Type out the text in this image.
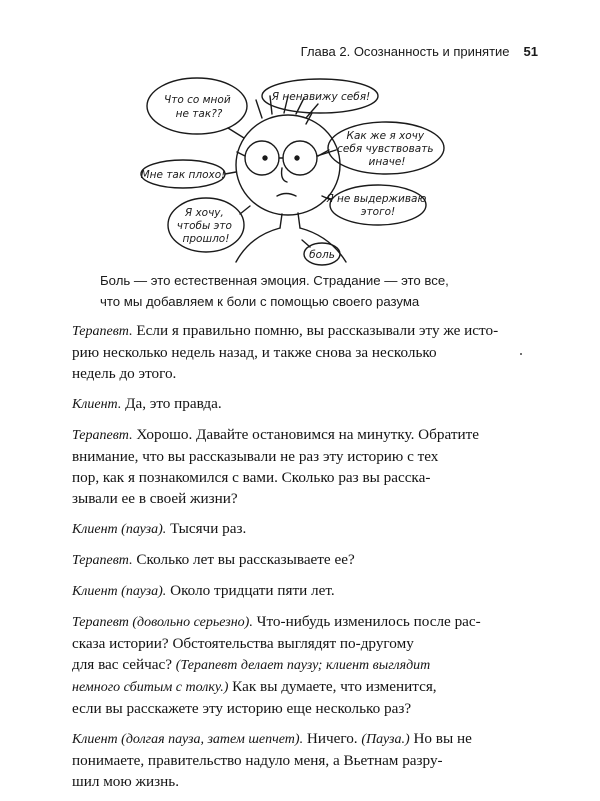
Глава 2. Осознанность и принятие 51
Что со мной не так??
Я ненавижу себя!
Как же я хочу себя чувствовать иначе!
Мне так плохо!
Я не выдерживаю этого!
Я хочу, чтобы это прошло!
боль
Боль — это естественная эмоция. Страдание — это все,
что мы добавляем к боли с помощью своего разума
Терапевт. Если я правильно помню, вы рассказывали эту же исто-
рию несколько недель назад, и также снова за несколько
недель до этого.
Клиент. Да, это правда.
Терапевт. Хорошо. Давайте остановимся на минутку. Обратите
внимание, что вы рассказывали не раз эту историю с тех
пор, как я познакомился с вами. Сколько раз вы расска-
зывали ее в своей жизни?
Клиент (пауза). Тысячи раз.
Терапевт. Сколько лет вы рассказываете ее?
Клиент (пауза). Около тридцати пяти лет.
Терапевт (довольно серьезно). Что-нибудь изменилось после рас-
сказа истории? Обстоятельства выглядят по-другому
для вас сейчас? (Терапевт делает паузу; клиент выглядит
немного сбитым с толку.) Как вы думаете, что изменится,
если вы расскажете эту историю еще несколько раз?
Клиент (долгая пауза, затем шепчет). Ничего. (Пауза.) Но вы не
понимаете, правительство надуло меня, а Вьетнам разру-
шил мою жизнь.
